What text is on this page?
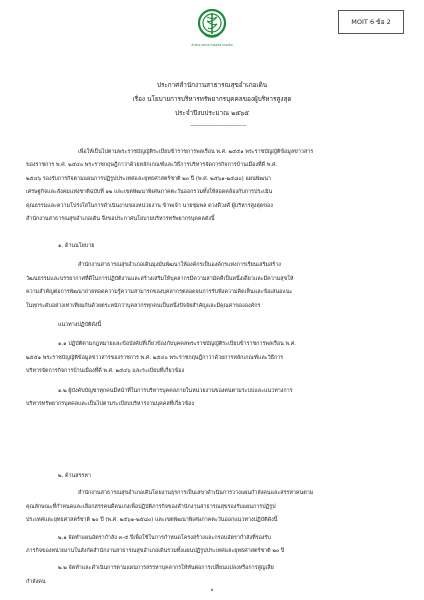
สำนักงานสาธารณสุขอำเภอเดิน
MOIT 6 ข้อ 2
ประกาศสำนักงานสาธารณสุขอำเภอเดิน
เรื่อง นโยบายการบริหารทรัพยากรบุคคลของผู้บริหารสูงสุด
ประจำปีงบประมาณ ๒๕๖๕
----------------------------------------

เพื่อให้เป็นไปตามพระราชบัญญัติระเบียบข้าราชการพลเรือน พ.ศ. ๒๕๕๑ พระราชบัญญัติข้อมูลข่าวสาร

ของราชการ พ.ศ. ๒๕๔๐ พระราชกฤษฎีกาว่าด้วยหลักเกณฑ์และวิธีการบริหารจัดการกิจการบ้านเมืองที่ดี พ.ศ.

๒๕๔๖ รองรับการกิจตามแผนการปฏิรูปประเทศและยุทธศาสตร์ชาติ ๒๐ ปี (พ.ศ. ๒๕๖๑-๒๕๘๐) แผนพัฒนา

เศรษฐกิจและสังคมแห่งชาติฉบับที่ ๑๒ และเขตพัฒนาพิเศษภาคตะวันออกรวมทั้งให้สอดคล้องกับการประเมิน

คุณธรรมและความโปร่งใสในการดำเนินงานของหน่วยงาน ข้าพเจ้า นายชุมพล ดวงดีวงศ์ ผู้บริหารสูงสุดของ

สำนักงานสาธารณสุขอำเภอเดิน จึงขอประกาศนโยบายบริหารทรัพยากรบุคคลดังนี้

๑. ด้านนโยบาย

สำนักงานสาธารณสุขอำเภอเดินมุ่งมั่นพัฒนาให้องค์กรเป็นองค์กรแห่งการเรียนเสริมสร้าง

วัฒนธรรมและบรรยากาศที่ดีในการปฏิบัติงานและสร้างเสริมให้บุคลากรมีความสามัคคีเป็นหนึ่งเดียวและมีความสุขให้

ความสำคัญต่อการพัฒนาถ่ายทอดความรู้ความสามารถของบุคลากรตลอดจนการรับฟังความคิดเห็นและข้อเสนอแนะ

ในทุกระดับอย่างเท่าเทียมกันด้วยตระหนักว่าบุคลากรทุกคนเป็นหนึ่งปัจจัยสำคัญและมีคุณค่าขององค์กร

แนวทางปฏิบัติดังนี้

๑.๑ ปฏิบัติตามกฎหมายและข้อบังคับที่เกี่ยวข้องกับบุคคลพระราชบัญญัติระเบียบข้าราชการพลเรือน พ.ศ.

๒๕๕๑ พระราชบัญญัติข้อมูลข่าวสารของราชการ พ.ศ. ๒๕๔๐ พระราชกฤษฎีกาว่าด้วยการหลักเกณฑ์และวิธีการ

บริหารจัดการกิจการบ้านเมืองที่ดี พ.ศ. ๒๕๔๖ และระเบียบที่เกี่ยวข้อง

๑.๒ ผู้บังคับบัญชาทุกคนมีหน้าที่ในการบริหารบุคคลภายในหน่วยงานของตนตามระบบและแนวทางการ

บริหารทรัพยากรบุคคลและเป็นไปตามระเบียบบริหารงานบุคคลที่เกี่ยวข้อง

๒. ด้านสรรหา

สำนักงานสาธารณสุขอำเภอเดินโดยงานธุรการเป็นเลขาดำเนินการวางแผนกำลังคนและสรรหาคนตาม

คุณลักษณะที่กำหนดและเลือกสรรคนดีคนเก่งเพื่อปฏิบัติภารกิจของสำนักงานสาธารณสุขรองรับแผนการปฏิรูป

ประเทศและยุทธศาสตร์ชาติ ๒๐ ปี (พ.ศ. ๒๕๖๑-๒๕๘๐) และเขตพัฒนาพิเศษภาคตะวันออกแนวทางปฏิบัติดังนี้

๒.๑ จัดทำแผนอัตรากำลัง ๓-๕ ปีเพื่อใช้ในการกำหนดโครงสร้างและกรอบอัตรากำลังที่รองรับ

ภารกิจของหน่วยงานในสังกัดสำนักงานสาธารณสุขอำเภอเดินรวมทั้งแผนปฏิรูปประเทศและยุทธศาสตร์ชาติ ๒๐ ปี

๒.๒ จัดทำและดำเนินการตามแผนการสรรหาบุคลากรให้ทันต่อการเปลี่ยนแปลงหรือการสูญเสีย

กำลังคน

๑
